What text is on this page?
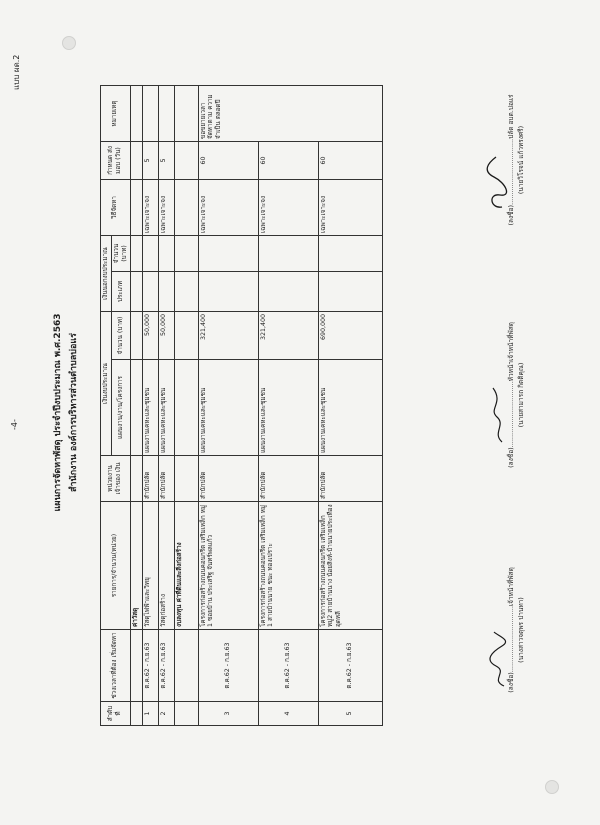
แบบ ผด.2
-4-	แผนการจัดหาพัสดุ ประจำปีงบประมาณ พ.ศ.2563 สำนักงาน องค์การบริหารส่วนตำบลบ่อแร่
ลำดับ ที่	ช่วงเวลาที่ต้อง เริ่มจัดหา	รายการ/จำนวน(หน่วย)	หน่วยงาน เจ้าของ เงิน	เงินงบประมาณ		เงินนอกงบประมาณ		วิธีจัดหา	กำหนด ส่งมอบ (วัน)	หมายเหตุ
				แผนงาน/งาน/โครงการ	จำนวน (บาท)	ประเภท	จำนวน (บาท)			
		ค่าวัสดุ								
1	ต.ค.62 - ก.ย.63	วัสดุไฟฟ้าและวิทยุ	สำนักปลัด	แผนงานเคหะและชุมชน	50,000			เฉพาะเจาะจง	5	
2	ต.ค.62 - ก.ย.63	วัสดุก่อสร้าง	สำนักปลัด	แผนงานเคหะและชุมชน	50,000			เฉพาะเจาะจง	5	
		งบลงทุน ค่าที่ดินและสิ่งก่อสร้าง								
3	ต.ค.62 - ก.ย.63	โครงการก่อสร้างถนนคอนกรีต เสริมเหล็ก หมู่ 1 ซอยบ้าน ประเสริฐ จันทร์พลแก้ว	สำนักปลัด	แผนงานเคหะและชุมชน	321,400			เฉพาะเจาะจง	60	ขอขยายเวลา จัดหาตาม ความ จำเป็น ตลอดปี
4	ต.ค.62 - ก.ย.63	โครงการก่อสร้างถนนคอนกรีต เสริมเหล็ก หมู่ 1 สายบ้านนาย ชนะ ทองเปราะ	สำนักปลัด	แผนงานเคหะและชุมชน	321,400			เฉพาะเจาะจง	60	
5	ต.ค.62 - ก.ย.63	โครงการก่อสร้างถนนคอนกรีต เสริมเหล็ก หมู่2 สายบ้านนาง น้อยสิงห์-บ้านนายประเทือง อุดหลี	สำนักปลัด	แผนงานเคหะและชุมชน	690,000			เฉพาะเจาะจง	60	
(ลงชื่อ)................................เจ้าหน้าที่พัสดุ (นางสาวจตุพร ปานทา)
(ลงชื่อ)................................หัวหน้าเจ้าหน้าที่พัสดุ (นายสามารถ กิตติคุณ)
(ลงชื่อ)................................ปลัด อบต.บ่อแร่ (นายวิโรจน์ แก้วทรงศรี)
